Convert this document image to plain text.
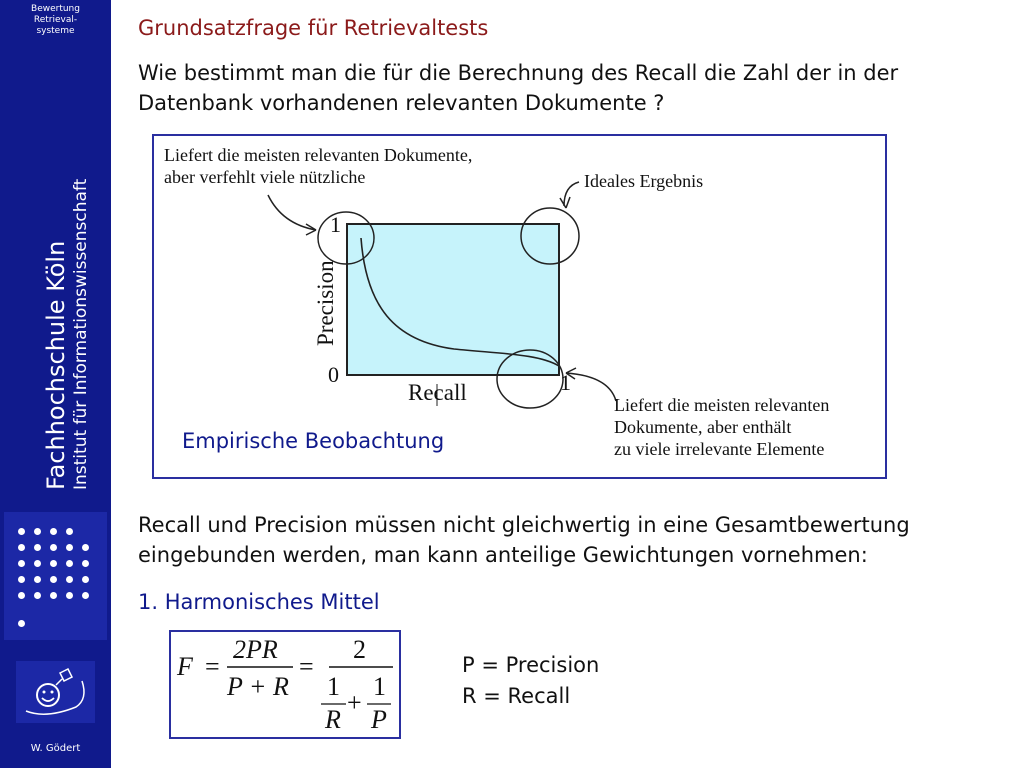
Bewertung
Retrieval-
systeme
Fachhochschule Köln Institut für Informationswissenschaft
W. Gödert
Grundsatzfrage für Retrievaltests
Wie bestimmt man die für die Berechnung des Recall die Zahl der in der
Datenbank vorhandenen relevanten Dokumente ?
Liefert die meisten relevanten Dokumente,
aber verfehlt viele nützliche	Ideales Ergebnis
Liefert die meisten relevanten
Dokumente, aber enthält
zu viele irrelevante Elemente
1
0	1
Recall
Precision
Empirische Beobachtung
Recall und Precision müssen nicht gleichwertig in eine Gesamtbewertung
eingebunden werden, man kann anteilige Gewichtungen vornehmen:
1. Harmonisches Mittel
F =
2PR
P + R
=
2
1
+
1
R P
P = Precision
R = Recall
